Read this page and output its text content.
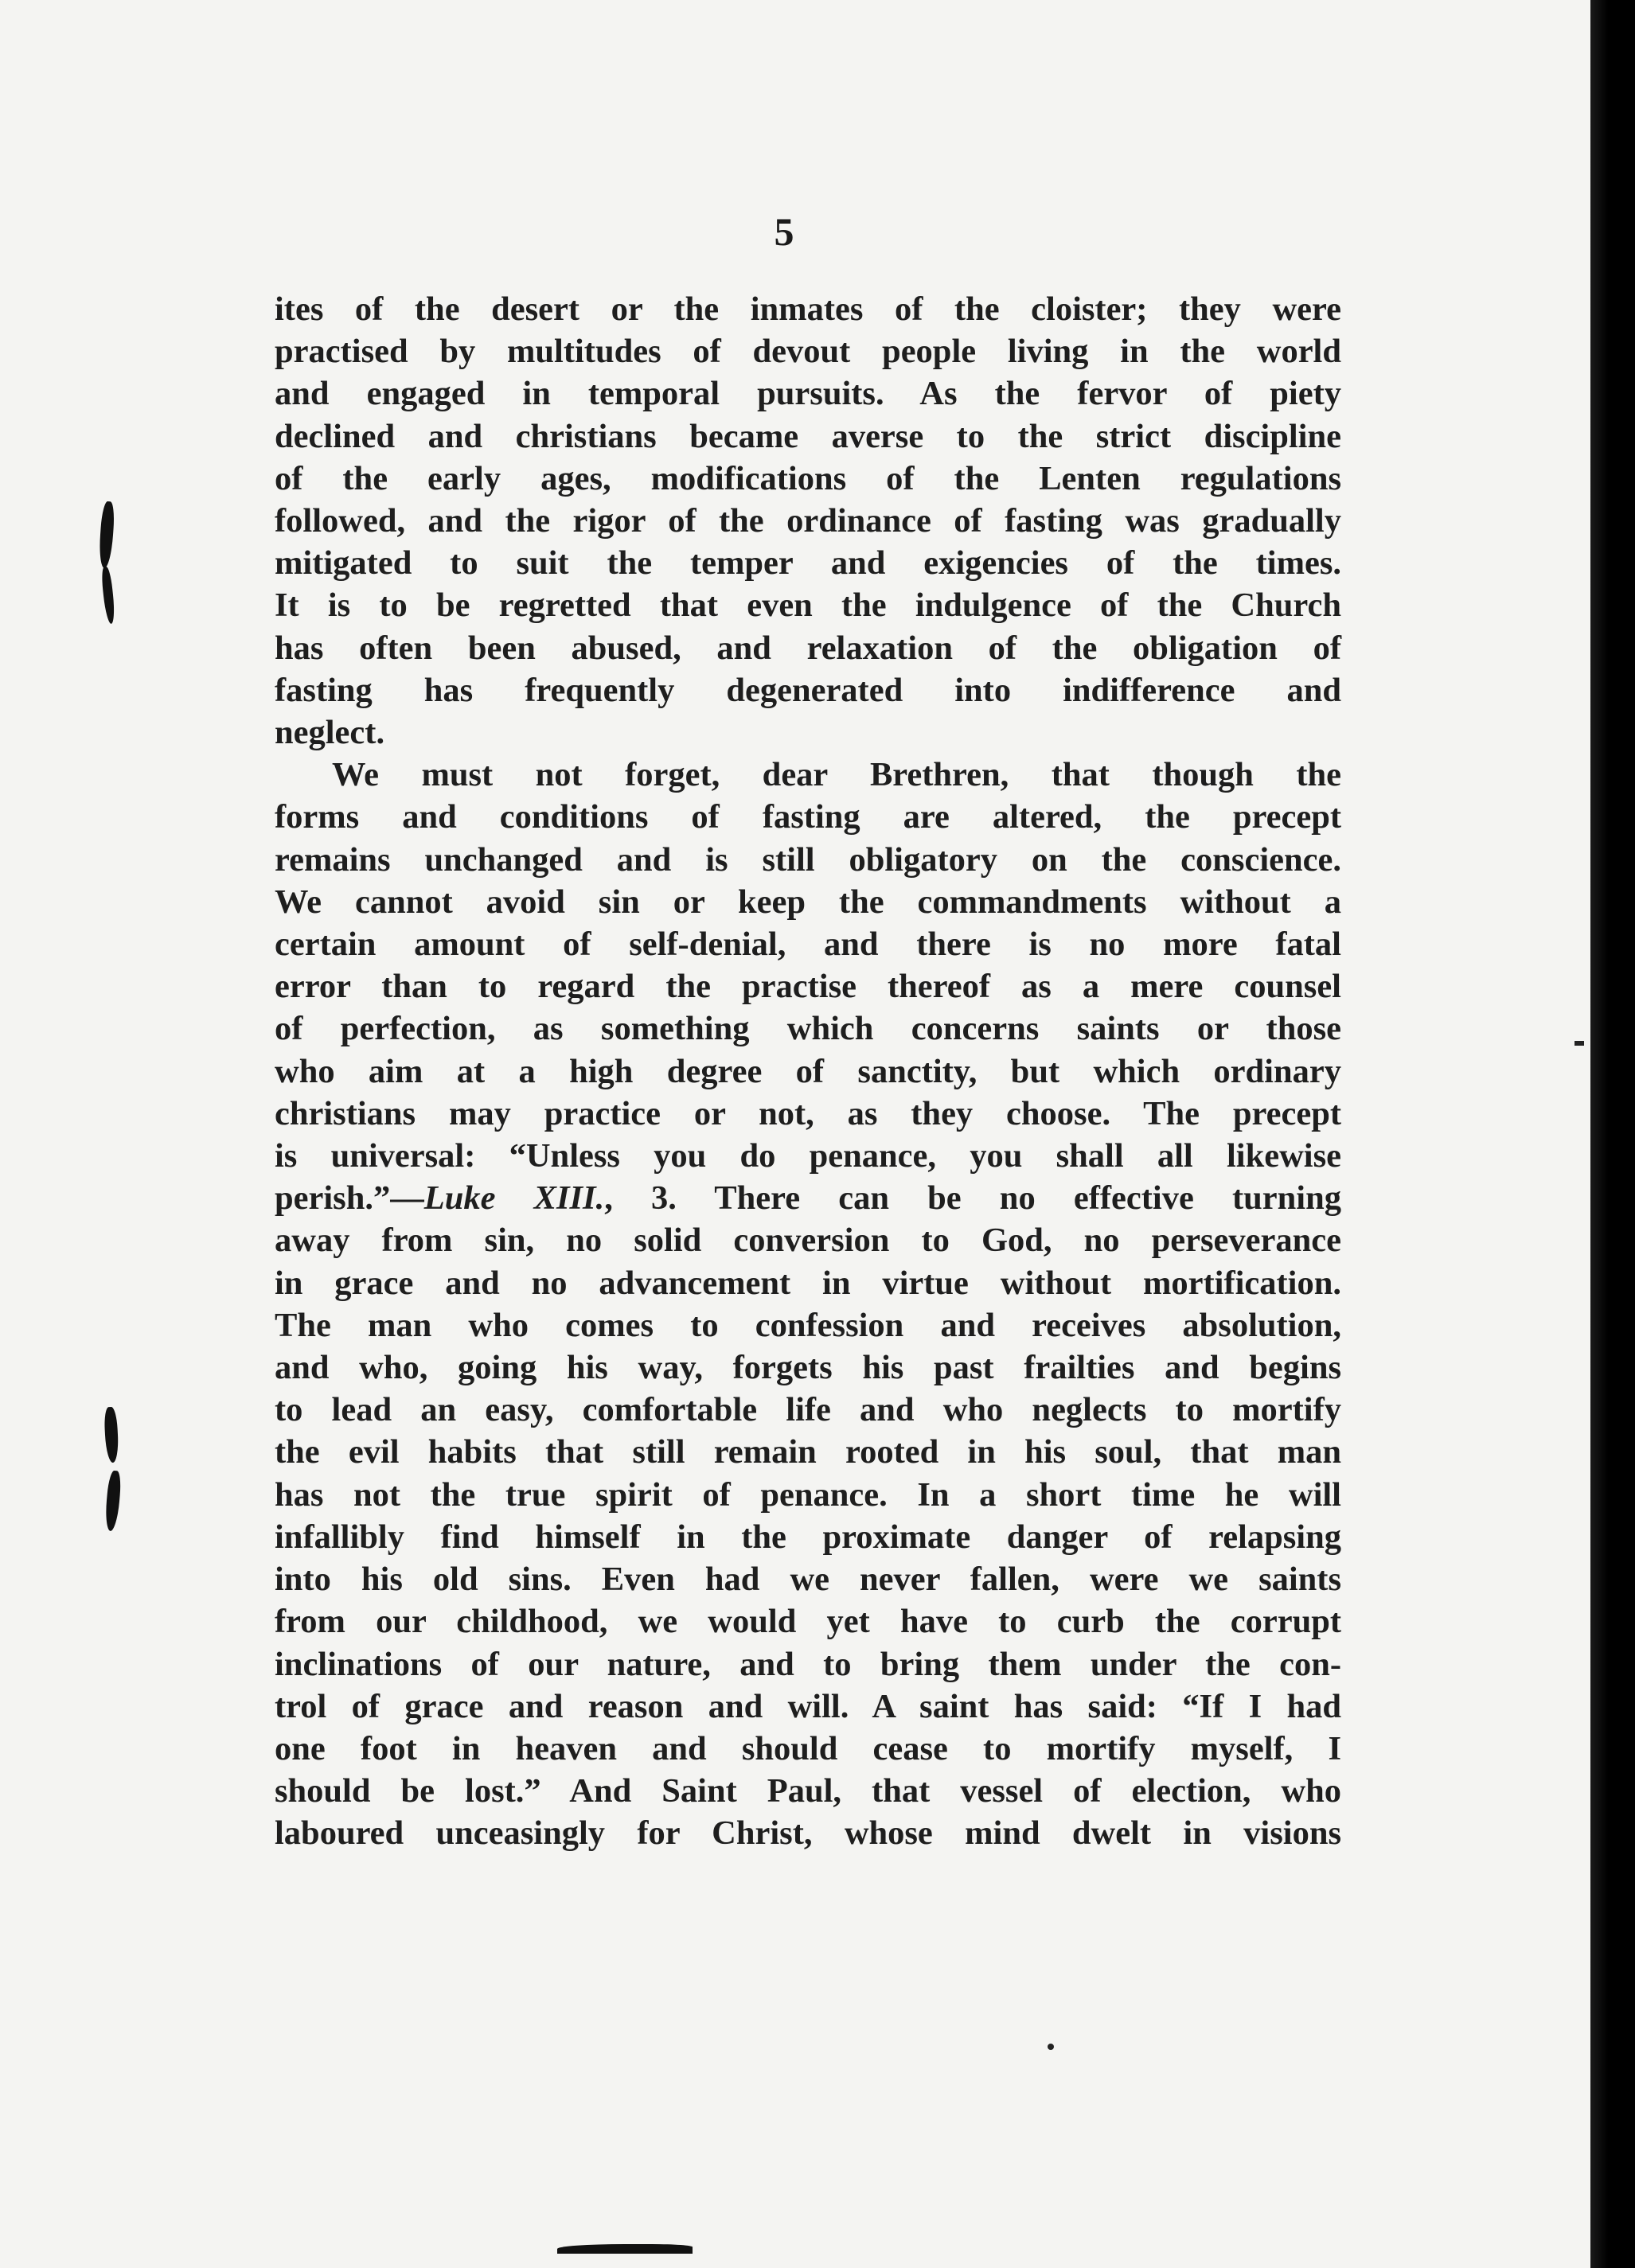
5
ites of the desert or the inmates of the cloister; they were
practised by multitudes of devout people living in the world
and engaged in temporal pursuits. As the fervor of piety
declined and christians became averse to the strict discipline
of the early ages, modifications of the Lenten regulations
followed, and the rigor of the ordinance of fasting was gradually
mitigated to suit the temper and exigencies of the times.
It is to be regretted that even the indulgence of the Church
has often been abused, and relaxation of the obligation of
fasting has frequently degenerated into indifference and
neglect.
We must not forget, dear Brethren, that though the
forms and conditions of fasting are altered, the precept
remains unchanged and is still obligatory on the conscience.
We cannot avoid sin or keep the commandments without a
certain amount of self-denial, and there is no more fatal
error than to regard the practise thereof as a mere counsel
of perfection, as something which concerns saints or those
who aim at a high degree of sanctity, but which ordinary
christians may practice or not, as they choose. The precept
is universal: “Unless you do penance, you shall all likewise
perish.”—Luke XIII., 3. There can be no effective turning
away from sin, no solid conversion to God, no perseverance
in grace and no advancement in virtue without mortification.
The man who comes to confession and receives absolution,
and who, going his way, forgets his past frailties and begins
to lead an easy, comfortable life and who neglects to mortify
the evil habits that still remain rooted in his soul, that man
has not the true spirit of penance. In a short time he will
infallibly find himself in the proximate danger of relapsing
into his old sins. Even had we never fallen, were we saints
from our childhood, we would yet have to curb the corrupt
inclinations of our nature, and to bring them under the con-
trol of grace and reason and will. A saint has said: “If I had
one foot in heaven and should cease to mortify myself, I
should be lost.” And Saint Paul, that vessel of election, who
laboured unceasingly for Christ, whose mind dwelt in visions
